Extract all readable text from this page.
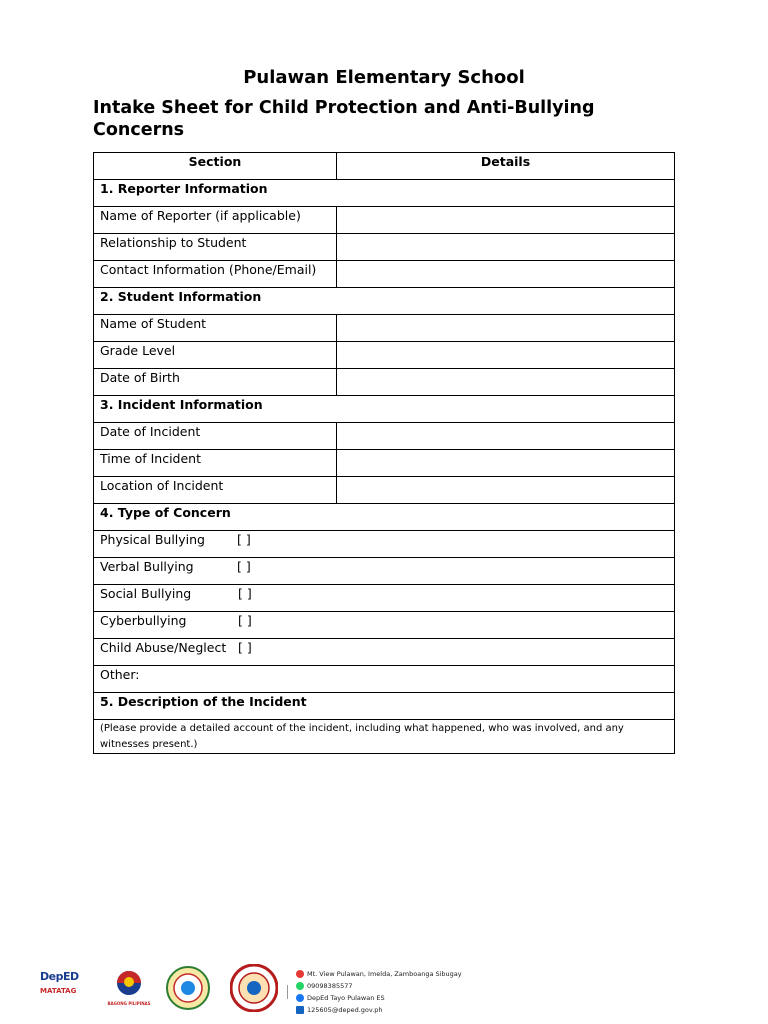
Pulawan Elementary School
Intake Sheet for Child Protection and Anti-Bullying Concerns
Section	Details
1. Reporter Information	
Name of Reporter (if applicable)	
Relationship to Student	
Contact Information (Phone/Email)	
2. Student Information	
Name of Student	
Grade Level	
Date of Birth	
3. Incident Information	
Date of Incident	
Time of Incident	
Location of Incident	
4. Type of Concern	
Physical Bullying [ ]	
Verbal Bullying [ ]	
Social Bullying [ ]	
Cyberbullying [ ]	
Child Abuse/Neglect [ ]	
Other:	
5. Description of the Incident	
(Please provide a detailed account of the incident, including what happened, who was involved, and any witnesses present.)	
DepED
MATATAG
BAGONG PILIPINAS
Mt. View Pulawan, Imelda, Zamboanga Sibugay
09098385577
DepEd Tayo Pulawan ES
125605@deped.gov.ph
